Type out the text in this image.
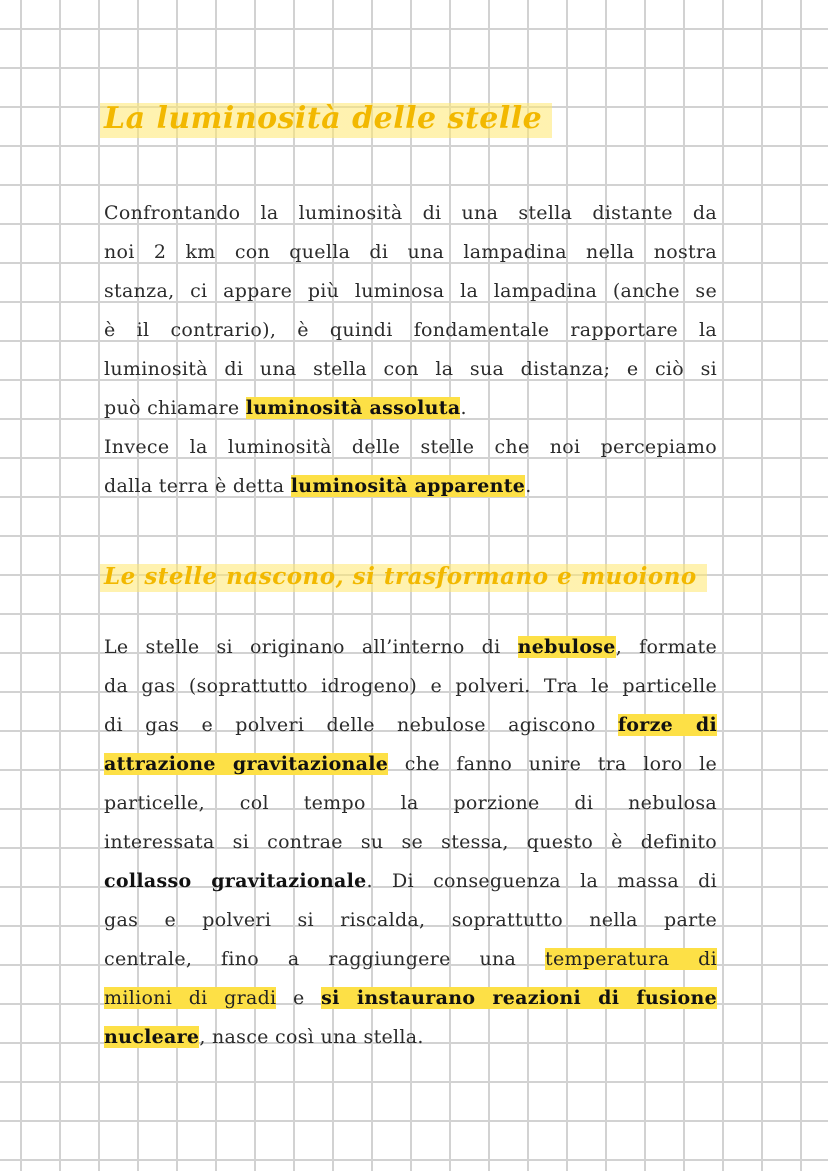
La luminosità delle stelle
Confrontando la luminosità di una stella distante da
noi 2 km con quella di una lampadina nella nostra
stanza, ci appare più luminosa la lampadina (anche se
è il contrario), è quindi fondamentale rapportare la
luminosità di una stella con la sua distanza; e ciò si
può chiamare luminosità assoluta.
Invece la luminosità delle stelle che noi percepiamo
dalla terra è detta luminosità apparente.
Le stelle nascono, si trasformano e muoiono
Le stelle si originano all’interno di nebulose, formate
da gas (soprattutto idrogeno) e polveri. Tra le particelle
di gas e polveri delle nebulose agiscono forze di
attrazione gravitazionale che fanno unire tra loro le
particelle, col tempo la porzione di nebulosa
interessata si contrae su se stessa, questo è definito
collasso gravitazionale. Di conseguenza la massa di
gas e polveri si riscalda, soprattutto nella parte
centrale, fino a raggiungere una temperatura di
milioni di gradi e si instaurano reazioni di fusione
nucleare, nasce così una stella.
